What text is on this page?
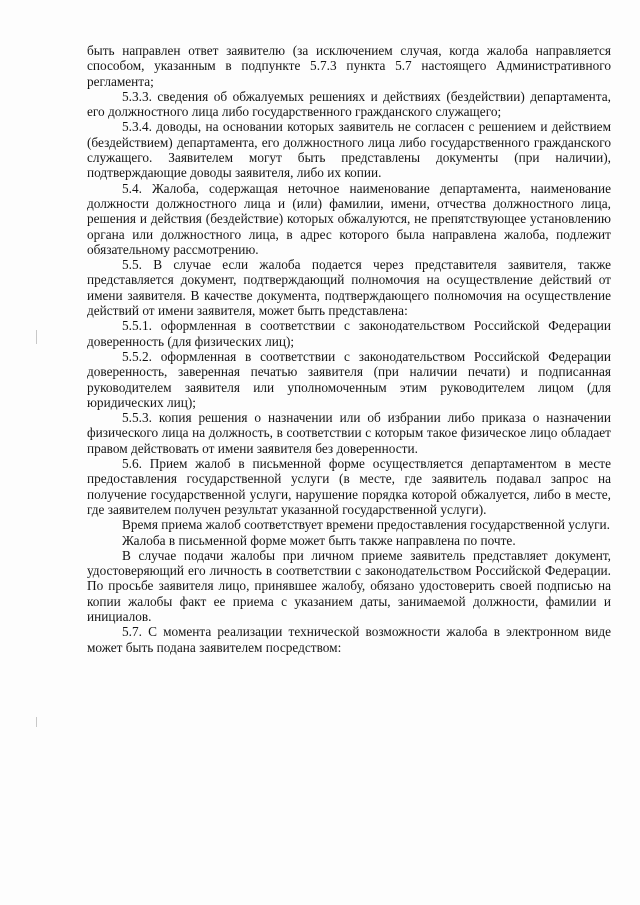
быть направлен ответ заявителю (за исключением случая, когда жалоба направляется способом, указанным в подпункте 5.7.3 пункта 5.7 настоящего Административного регламента;

5.3.3. сведения об обжалуемых решениях и действиях (бездействии) департамента, его должностного лица либо государственного гражданского служащего;

5.3.4. доводы, на основании которых заявитель не согласен с решением и действием (бездействием) департамента, его должностного лица либо государственного гражданского служащего. Заявителем могут быть представлены документы (при наличии), подтверждающие доводы заявителя, либо их копии.

5.4. Жалоба, содержащая неточное наименование департамента, наименование должности должностного лица и (или) фамилии, имени, отчества должностного лица, решения и действия (бездействие) которых обжалуются, не препятствующее установлению органа или должностного лица, в адрес которого была направлена жалоба, подлежит обязательному рассмотрению.

5.5. В случае если жалоба подается через представителя заявителя, также представляется документ, подтверждающий полномочия на осуществление действий от имени заявителя. В качестве документа, подтверждающего полномочия на осуществление действий от имени заявителя, может быть представлена:

5.5.1. оформленная в соответствии с законодательством Российской Федерации доверенность (для физических лиц);

5.5.2. оформленная в соответствии с законодательством Российской Федерации доверенность, заверенная печатью заявителя (при наличии печати) и подписанная руководителем заявителя или уполномоченным этим руководителем лицом (для юридических лиц);

5.5.3. копия решения о назначении или об избрании либо приказа о назначении физического лица на должность, в соответствии с которым такое физическое лицо обладает правом действовать от имени заявителя без доверенности.

5.6. Прием жалоб в письменной форме осуществляется департаментом в месте предоставления государственной услуги (в месте, где заявитель подавал запрос на получение государственной услуги, нарушение порядка которой обжалуется, либо в месте, где заявителем получен результат указанной государственной услуги).

Время приема жалоб соответствует времени предоставления государственной услуги.

Жалоба в письменной форме может быть также направлена по почте.

В случае подачи жалобы при личном приеме заявитель представляет документ, удостоверяющий его личность в соответствии с законодательством Российской Федерации. По просьбе заявителя лицо, принявшее жалобу, обязано удостоверить своей подписью на копии жалобы факт ее приема с указанием даты, занимаемой должности, фамилии и инициалов.

5.7. С момента реализации технической возможности жалоба в электронном виде может быть подана заявителем посредством:
